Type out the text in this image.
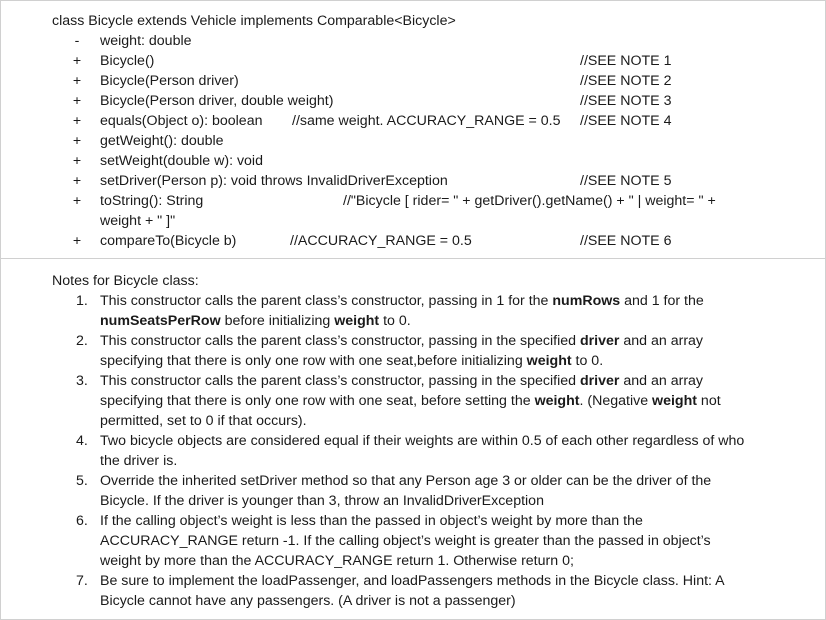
class Bicycle extends Vehicle implements Comparable<Bicycle>
- weight: double
+ Bicycle()	//SEE NOTE 1
+ Bicycle(Person driver)	//SEE NOTE 2
+ Bicycle(Person driver, double weight)	//SEE NOTE 3
+ equals(Object o): boolean //same weight. ACCURACY_RANGE = 0.5 //SEE NOTE 4
+ getWeight(): double
+ setWeight(double w): void
+ setDriver(Person p): void throws InvalidDriverException	//SEE NOTE 5
+ toString(): String	//"Bicycle [ rider= " + getDriver().getName() + " | weight= " +
weight + " ]"
+ compareTo(Bicycle b)	//ACCURACY_RANGE = 0.5	//SEE NOTE 6
Notes for Bicycle class:
1. This constructor calls the parent class’s constructor, passing in 1 for the numRows and 1 for the
numSeatsPerRow before initializing weight to 0.
2. This constructor calls the parent class’s constructor, passing in the specified driver and an array
specifying that there is only one row with one seat,before initializing weight to 0.
3. This constructor calls the parent class’s constructor, passing in the specified driver and an array
specifying that there is only one row with one seat, before setting the weight. (Negative weight not
permitted, set to 0 if that occurs).
4. Two bicycle objects are considered equal if their weights are within 0.5 of each other regardless of who
the driver is.
5. Override the inherited setDriver method so that any Person age 3 or older can be the driver of the
Bicycle. If the driver is younger than 3, throw an InvalidDriverException
6. If the calling object’s weight is less than the passed in object’s weight by more than the
ACCURACY_RANGE return -1. If the calling object’s weight is greater than the passed in object’s
weight by more than the ACCURACY_RANGE return 1. Otherwise return 0;
7. Be sure to implement the loadPassenger, and loadPassengers methods in the Bicycle class. Hint: A
Bicycle cannot have any passengers. (A driver is not a passenger)
